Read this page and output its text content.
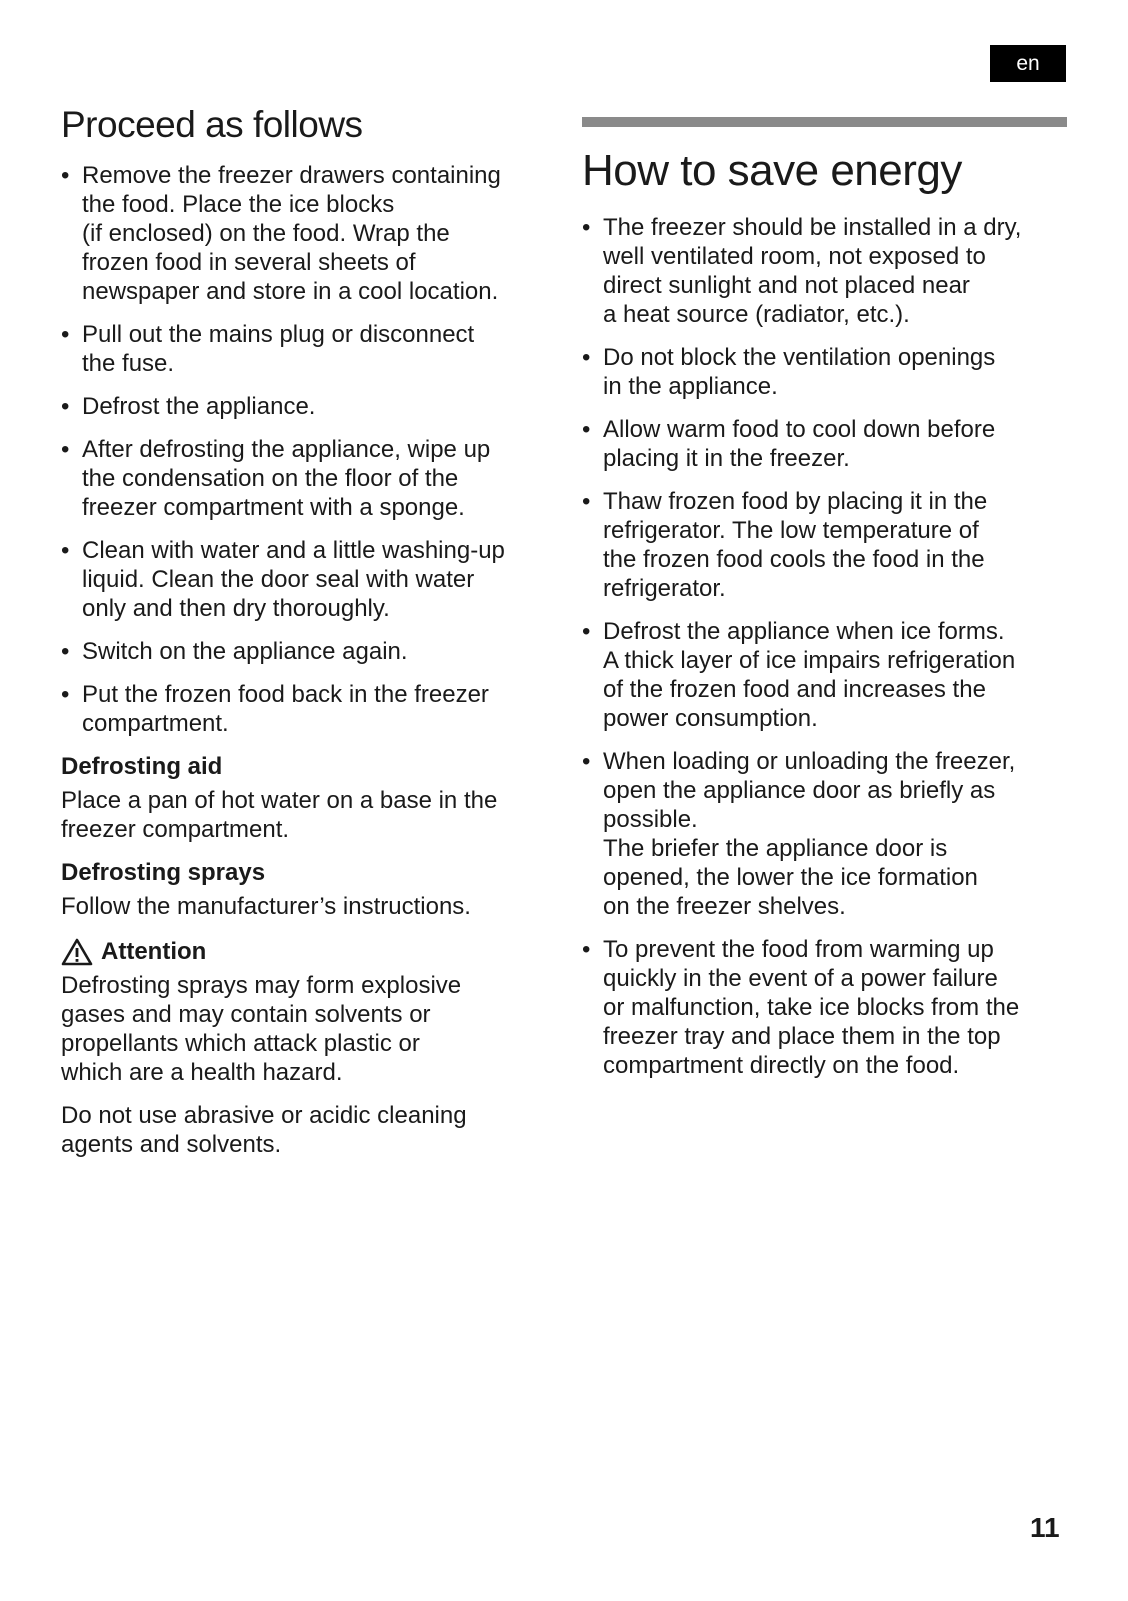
en
Proceed as follows
• Remove the freezer drawers containing
the food. Place the ice blocks
(if enclosed) on the food. Wrap the
frozen food in several sheets of
newspaper and store in a cool location.
• Pull out the mains plug or disconnect
the fuse.
• Defrost the appliance.
• After defrosting the appliance, wipe up
the condensation on the floor of the
freezer compartment with a sponge.
• Clean with water and a little washing-up
liquid. Clean the door seal with water
only and then dry thoroughly.
• Switch on the appliance again.
• Put the frozen food back in the freezer
compartment.
Defrosting aid

Place a pan of hot water on a base in the
freezer compartment.

Defrosting sprays

Follow the manufacturer’s instructions.

Attention

Defrosting sprays may form explosive
gases and may contain solvents or
propellants which attack plastic or
which are a health hazard.

Do not use abrasive or acidic cleaning
agents and solvents.

How to save energy
• The freezer should be installed in a dry,
well ventilated room, not exposed to
direct sunlight and not placed near
a heat source (radiator, etc.).
• Do not block the ventilation openings
in the appliance.
• Allow warm food to cool down before
placing it in the freezer.
• Thaw frozen food by placing it in the
refrigerator. The low temperature of
the frozen food cools the food in the
refrigerator.
• Defrost the appliance when ice forms.
A thick layer of ice impairs refrigeration
of the frozen food and increases the
power consumption.
• When loading or unloading the freezer,
open the appliance door as briefly as
possible.
The briefer the appliance door is
opened, the lower the ice formation
on the freezer shelves.
• To prevent the food from warming up
quickly in the event of a power failure
or malfunction, take ice blocks from the
freezer tray and place them in the top
compartment directly on the food.
11
